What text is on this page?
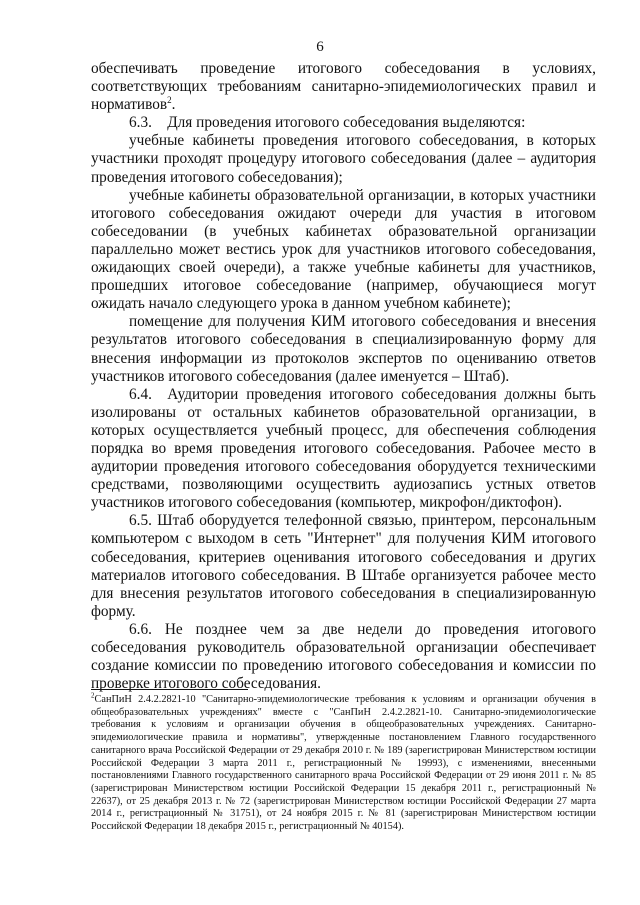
6

обеспечивать проведение итогового собеседования в условиях, соответствующих требованиям санитарно-эпидемиологических правил и нормативов$^2$.

6.3. Для проведения итогового собеседования выделяются:

учебные кабинеты проведения итогового собеседования, в которых участники проходят процедуру итогового собеседования (далее – аудитория проведения итогового собеседования);

учебные кабинеты образовательной организации, в которых участники итогового собеседования ожидают очереди для участия в итоговом собеседовании (в учебных кабинетах образовательной организации параллельно может вестись урок для участников итогового собеседования, ожидающих своей очереди), а также учебные кабинеты для участников, прошедших итоговое собеседование (например, обучающиеся могут ожидать начало следующего урока в данном учебном кабинете);

помещение для получения КИМ итогового собеседования и внесения результатов итогового собеседования в специализированную форму для внесения информации из протоколов экспертов по оцениванию ответов участников итогового собеседования (далее именуется – Штаб).

6.4. Аудитории проведения итогового собеседования должны быть изолированы от остальных кабинетов образовательной организации, в которых осуществляется учебный процесс, для обеспечения соблюдения порядка во время проведения итогового собеседования. Рабочее место в аудитории проведения итогового собеседования оборудуется техническими средствами, позволяющими осуществить аудиозапись устных ответов участников итогового собеседования (компьютер, микрофон/диктофон).

6.5. Штаб оборудуется телефонной связью, принтером, персональным компьютером с выходом в сеть "Интернет" для получения КИМ итогового собеседования, критериев оценивания итогового собеседования и других материалов итогового собеседования. В Штабе организуется рабочее место для внесения результатов итогового собеседования в специализированную форму.

6.6. Не позднее чем за две недели до проведения итогового собеседования руководитель образовательной организации обеспечивает создание комиссии по проведению итогового собеседования и комиссии по проверке итогового собеседования.

$^2$СанПиН 2.4.2.2821-10 "Санитарно-эпидемиологические требования к условиям и организации обучения в общеобразовательных учреждениях" вместе с "СанПиН 2.4.2.2821-10. Санитарно-эпидемиологические требования к условиям и организации обучения в общеобразовательных учреждениях. Санитарно-эпидемиологические правила и нормативы", утвержденные постановлением Главного государственного санитарного врача Российской Федерации от 29 декабря 2010 г. № 189 (зарегистрирован Министерством юстиции Российской Федерации 3 марта 2011 г., регистрационный № 19993), с изменениями, внесенными постановлениями Главного государственного санитарного врача Российской Федерации от 29 июня 2011 г. № 85 (зарегистрирован Министерством юстиции Российской Федерации 15 декабря 2011 г., регистрационный № 22637), от 25 декабря 2013 г. № 72 (зарегистрирован Министерством юстиции Российской Федерации 27 марта 2014 г., регистрационный № 31751), от 24 ноября 2015 г. № 81 (зарегистрирован Министерством юстиции Российской Федерации 18 декабря 2015 г., регистрационный № 40154).
